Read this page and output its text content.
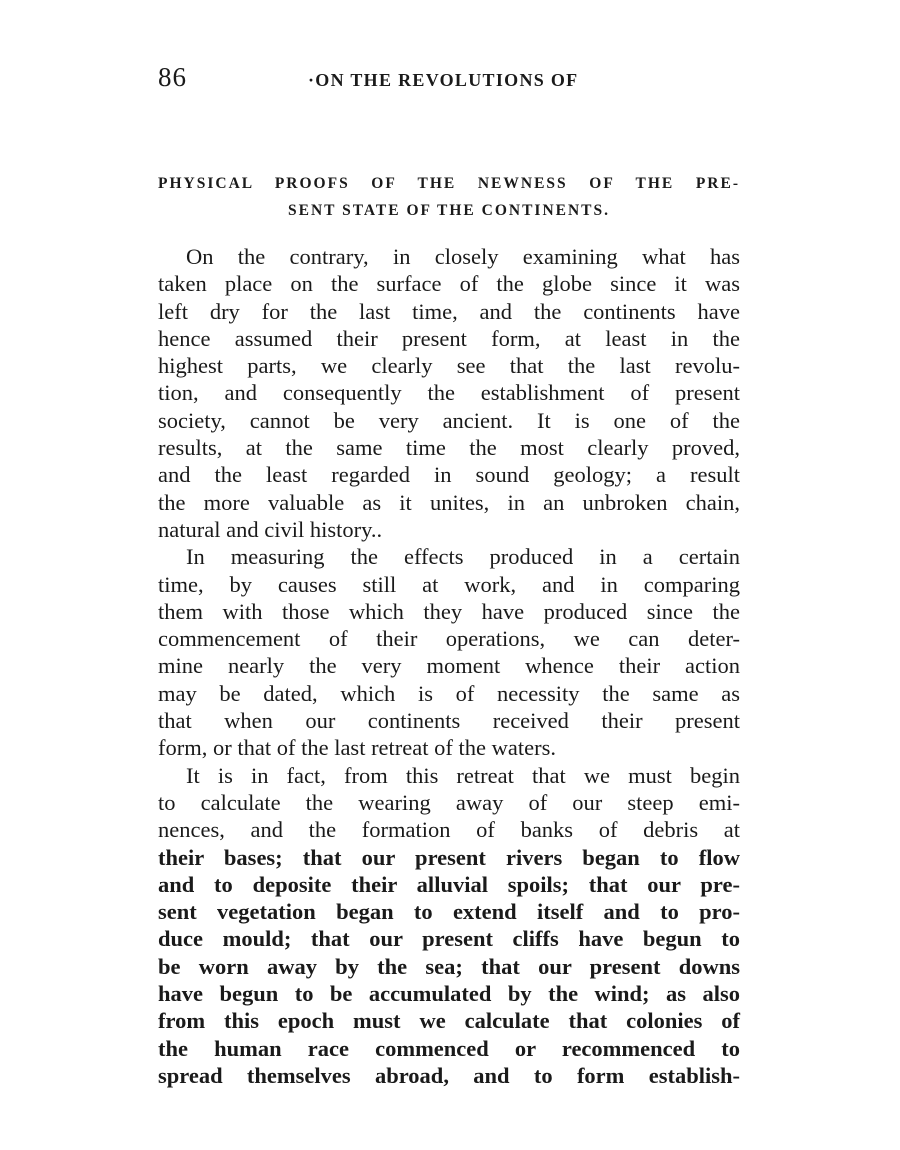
86	·ON THE REVOLUTIONS OF
PHYSICAL PROOFS OF THE NEWNESS OF THE PRE-
SENT STATE OF THE CONTINENTS.
On the contrary, in closely examining what has
taken place on the surface of the globe since it was
left dry for the last time, and the continents have
hence assumed their present form, at least in the
highest parts, we clearly see that the last revolu-
tion, and consequently the establishment of present
society, cannot be very ancient. It is one of the
results, at the same time the most clearly proved,
and the least regarded in sound geology; a result
the more valuable as it unites, in an unbroken chain,
natural and civil history..
In measuring the effects produced in a certain
time, by causes still at work, and in comparing
them with those which they have produced since the
commencement of their operations, we can deter-
mine nearly the very moment whence their action
may be dated, which is of necessity the same as
that when our continents received their present
form, or that of the last retreat of the waters.
It is in fact, from this retreat that we must begin
to calculate the wearing away of our steep emi-
nences, and the formation of banks of debris at
their bases; that our present rivers began to flow
and to deposite their alluvial spoils; that our pre-
sent vegetation began to extend itself and to pro-
duce mould; that our present cliffs have begun to
be worn away by the sea; that our present downs
have begun to be accumulated by the wind; as also
from this epoch must we calculate that colonies of
the human race commenced or recommenced to
spread themselves abroad, and to form establish-
